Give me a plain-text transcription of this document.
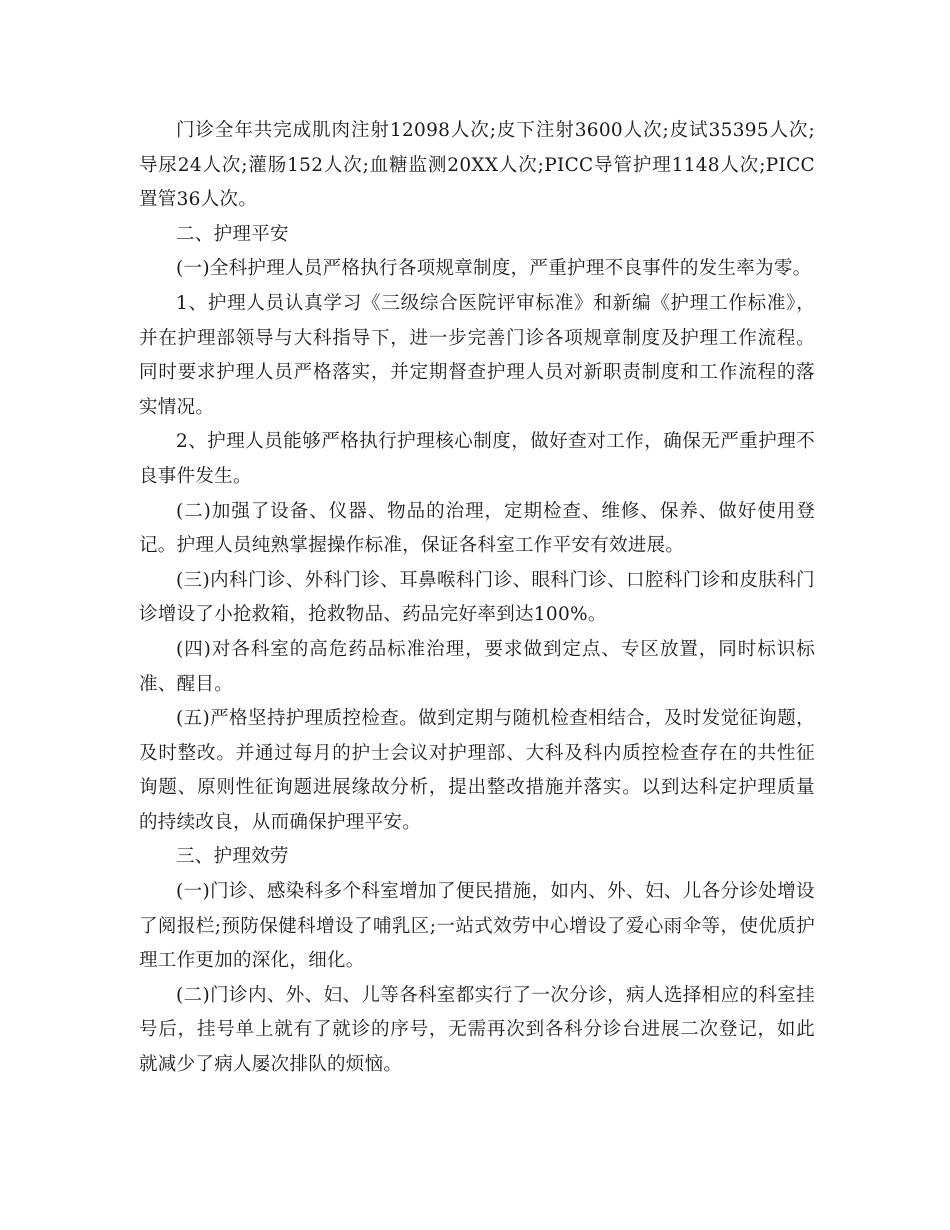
门诊全年共完成肌肉注射12098人次;皮下注射3600人次;皮试35395人次;导尿24人次;灌肠152人次;血糖监测20XX人次;PICC导管护理1148人次;PICC置管36人次。

二、护理平安

(一)全科护理人员严格执行各项规章制度，严重护理不良事件的发生率为零。

1、护理人员认真学习《三级综合医院评审标准》和新编《护理工作标准》，并在护理部领导与大科指导下，进一步完善门诊各项规章制度及护理工作流程。同时要求护理人员严格落实，并定期督查护理人员对新职责制度和工作流程的落实情况。

2、护理人员能够严格执行护理核心制度，做好查对工作，确保无严重护理不良事件发生。

(二)加强了设备、仪器、物品的治理，定期检查、维修、保养、做好使用登记。护理人员纯熟掌握操作标准，保证各科室工作平安有效进展。

(三)内科门诊、外科门诊、耳鼻喉科门诊、眼科门诊、口腔科门诊和皮肤科门诊增设了小抢救箱，抢救物品、药品完好率到达100%。

(四)对各科室的高危药品标准治理，要求做到定点、专区放置，同时标识标准、醒目。

(五)严格坚持护理质控检查。做到定期与随机检查相结合，及时发觉征询题，及时整改。并通过每月的护士会议对护理部、大科及科内质控检查存在的共性征询题、原则性征询题进展缘故分析，提出整改措施并落实。以到达科定护理质量的持续改良，从而确保护理平安。

三、护理效劳

(一)门诊、感染科多个科室增加了便民措施，如内、外、妇、儿各分诊处增设了阅报栏;预防保健科增设了哺乳区;一站式效劳中心增设了爱心雨伞等，使优质护理工作更加的深化，细化。

(二)门诊内、外、妇、儿等各科室都实行了一次分诊，病人选择相应的科室挂号后，挂号单上就有了就诊的序号，无需再次到各科分诊台进展二次登记，如此就减少了病人屡次排队的烦恼。
